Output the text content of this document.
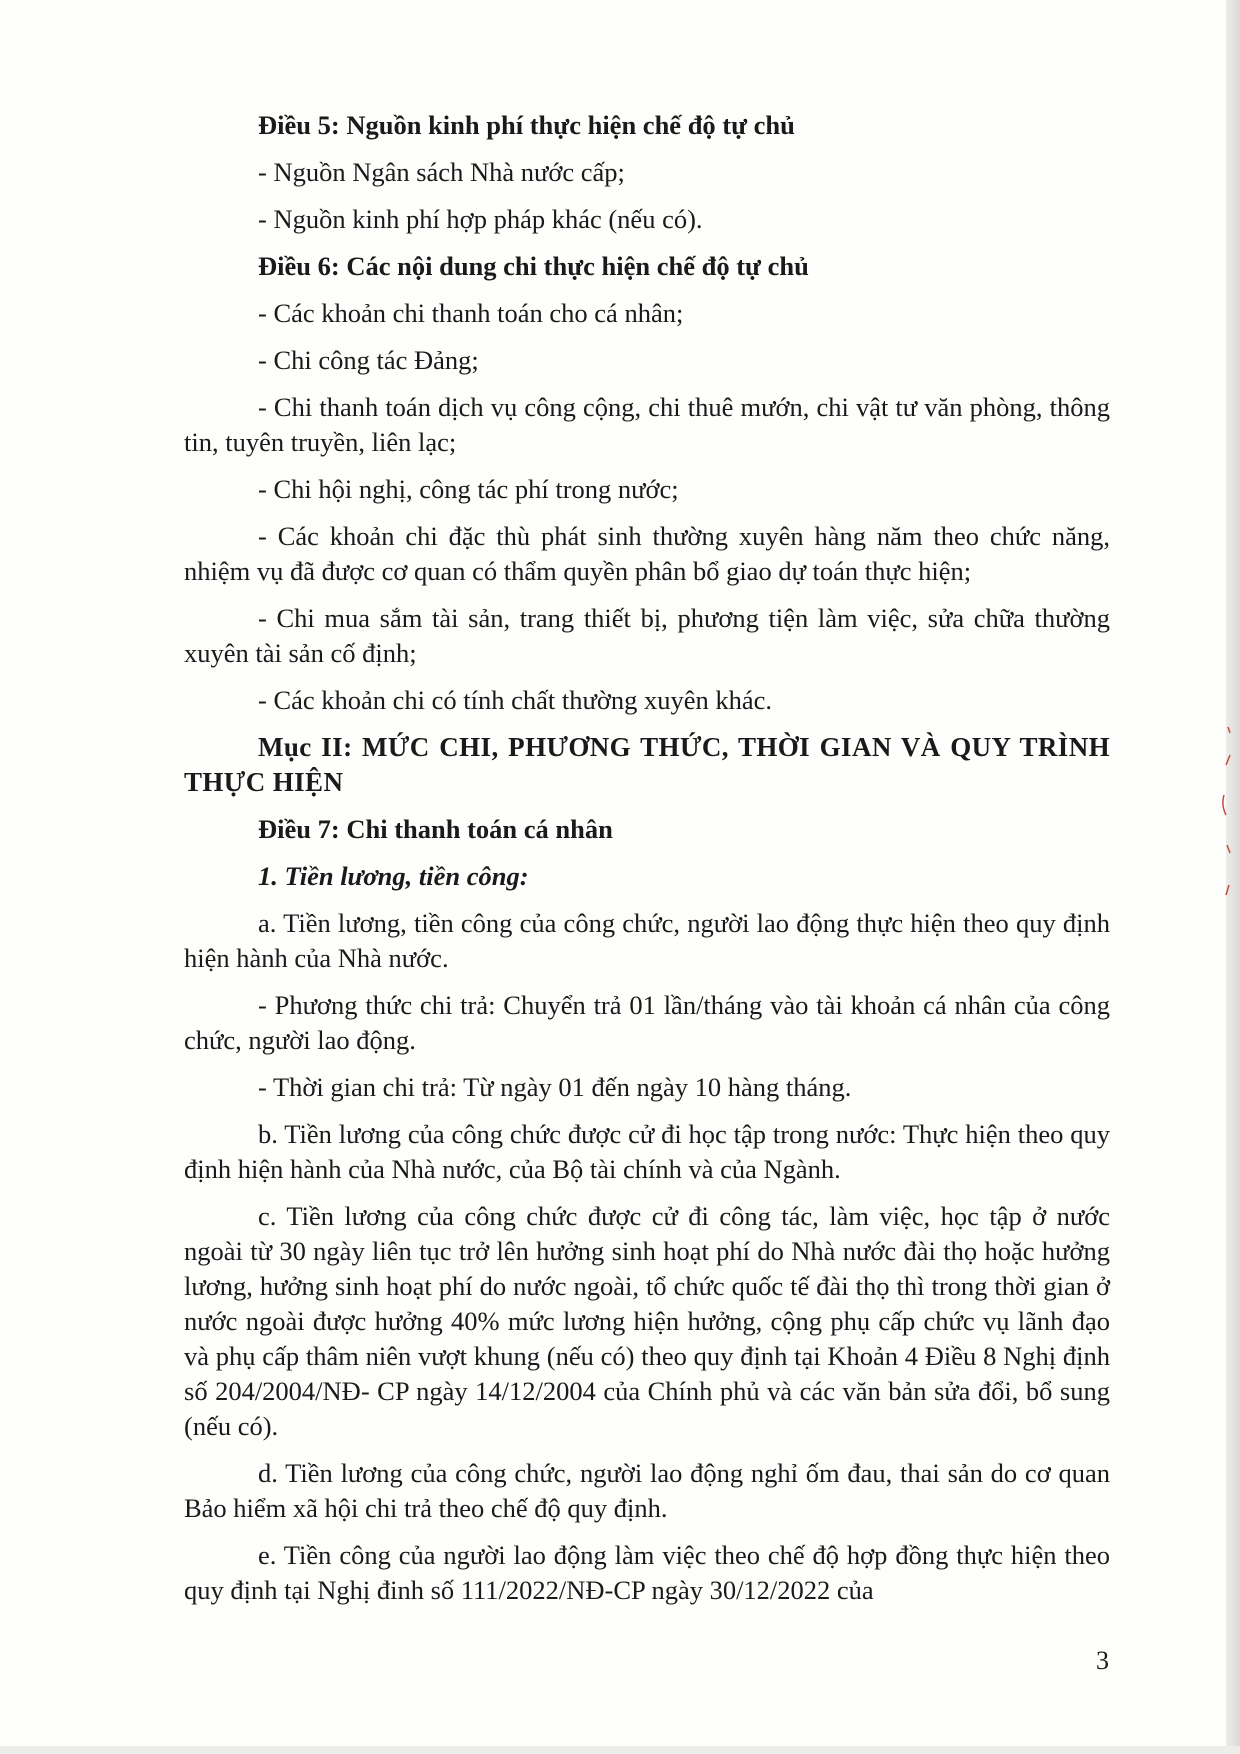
Điều 5: Nguồn kinh phí thực hiện chế độ tự chủ

- Nguồn Ngân sách Nhà nước cấp;

- Nguồn kinh phí hợp pháp khác (nếu có).

Điều 6: Các nội dung chi thực hiện chế độ tự chủ

- Các khoản chi thanh toán cho cá nhân;

- Chi công tác Đảng;

- Chi thanh toán dịch vụ công cộng, chi thuê mướn, chi vật tư văn phòng, thông tin, tuyên truyền, liên lạc;

- Chi hội nghị, công tác phí trong nước;

- Các khoản chi đặc thù phát sinh thường xuyên hàng năm theo chức năng, nhiệm vụ đã được cơ quan có thẩm quyền phân bổ giao dự toán thực hiện;

- Chi mua sắm tài sản, trang thiết bị, phương tiện làm việc, sửa chữa thường xuyên tài sản cố định;

- Các khoản chi có tính chất thường xuyên khác.

Mục II: MỨC CHI, PHƯƠNG THỨC, THỜI GIAN VÀ QUY TRÌNH THỰC HIỆN

Điều 7: Chi thanh toán cá nhân

1. Tiền lương, tiền công:

a. Tiền lương, tiền công của công chức, người lao động thực hiện theo quy định hiện hành của Nhà nước.

- Phương thức chi trả: Chuyển trả 01 lần/tháng vào tài khoản cá nhân của công chức, người lao động.

- Thời gian chi trả: Từ ngày 01 đến ngày 10 hàng tháng.

b. Tiền lương của công chức được cử đi học tập trong nước: Thực hiện theo quy định hiện hành của Nhà nước, của Bộ tài chính và của Ngành.

c. Tiền lương của công chức được cử đi công tác, làm việc, học tập ở nước ngoài từ 30 ngày liên tục trở lên hưởng sinh hoạt phí do Nhà nước đài thọ hoặc hưởng lương, hưởng sinh hoạt phí do nước ngoài, tổ chức quốc tế đài thọ thì trong thời gian ở nước ngoài được hưởng 40% mức lương hiện hưởng, cộng phụ cấp chức vụ lãnh đạo và phụ cấp thâm niên vượt khung (nếu có) theo quy định tại Khoản 4 Điều 8 Nghị định số 204/2004/NĐ- CP ngày 14/12/2004 của Chính phủ và các văn bản sửa đổi, bổ sung (nếu có).

d. Tiền lương của công chức, người lao động nghỉ ốm đau, thai sản do cơ quan Bảo hiểm xã hội chi trả theo chế độ quy định.

e. Tiền công của người lao động làm việc theo chế độ hợp đồng thực hiện theo quy định tại Nghị đinh số 111/2022/NĐ-CP ngày 30/12/2022 của

3
